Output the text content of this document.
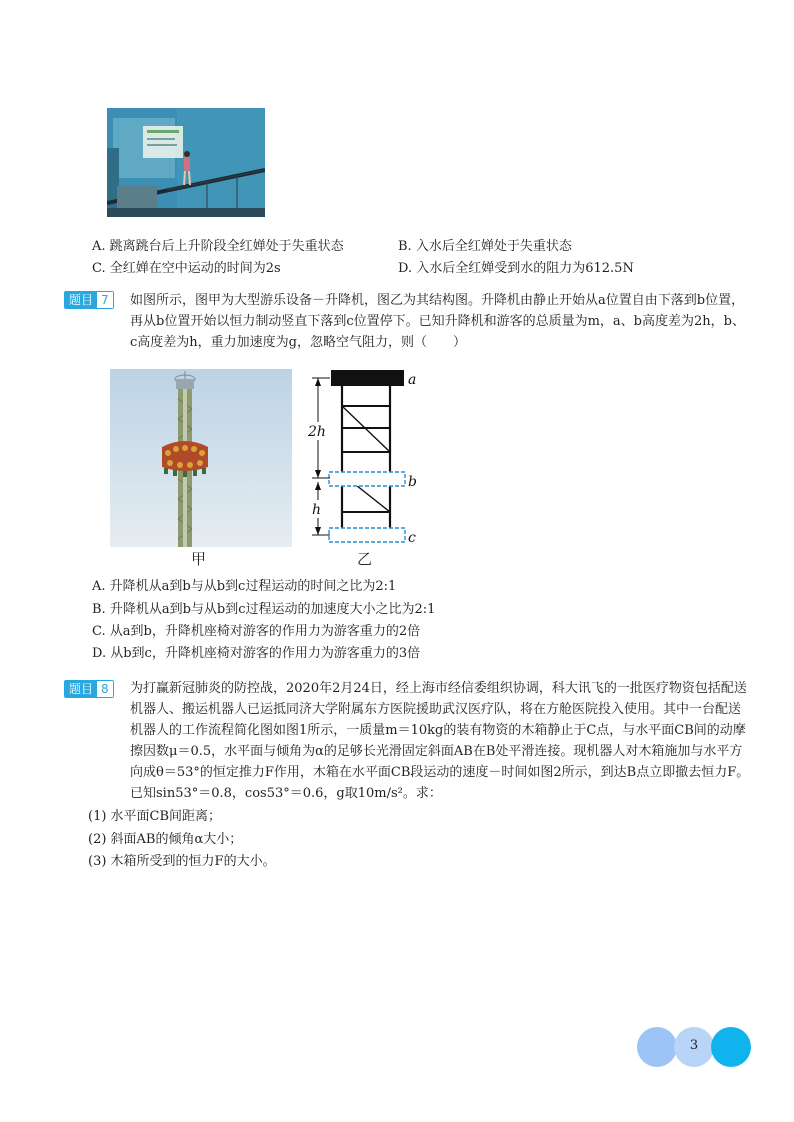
A. 跳离跳台后上升阶段全红婵处于失重状态	B. 入水后全红婵处于失重状态
C. 全红婵在空中运动的时间为2s	D. 入水后全红婵受到水的阻力为612.5N
题目 7	如图所示，图甲为大型游乐设备－升降机，图乙为其结构图。升降机由静止开始从a位置自由下落到b位置，再从b位置开始以恒力制动竖直下落到c位置停下。已知升降机和游客的总质量为m，a、b高度差为2h，b、c高度差为h，重力加速度为g，忽略空气阻力，则（　　）

甲
2h
h
a
b
c
乙
A. 升降机从a到b与从b到c过程运动的时间之比为2:1
B. 升降机从a到b与从b到c过程运动的加速度大小之比为2:1
C. 从a到b，升降机座椅对游客的作用力为游客重力的2倍
D. 从b到c，升降机座椅对游客的作用力为游客重力的3倍
题目 8	为打赢新冠肺炎的防控战，2020年2月24日，经上海市经信委组织协调，科大讯飞的一批医疗物资包括配送机器人、搬运机器人已运抵同济大学附属东方医院援助武汉医疗队，将在方舱医院投入使用。其中一台配送机器人的工作流程简化图如图1所示，一质量m＝10kg的装有物资的木箱静止于C点，与水平面CB间的动摩擦因数μ＝0.5，水平面与倾角为α的足够长光滑固定斜面AB在B处平滑连接。现机器人对木箱施加与水平方向成θ＝53°的恒定推力F作用，木箱在水平面CB段运动的速度－时间如图2所示，到达B点立即撤去恒力F。已知sin53°＝0.8，cos53°＝0.6，g取10m/s²。求：

(1) 水平面CB间距离；
(2) 斜面AB的倾角α大小；
(3) 木箱所受到的恒力F的大小。
3
